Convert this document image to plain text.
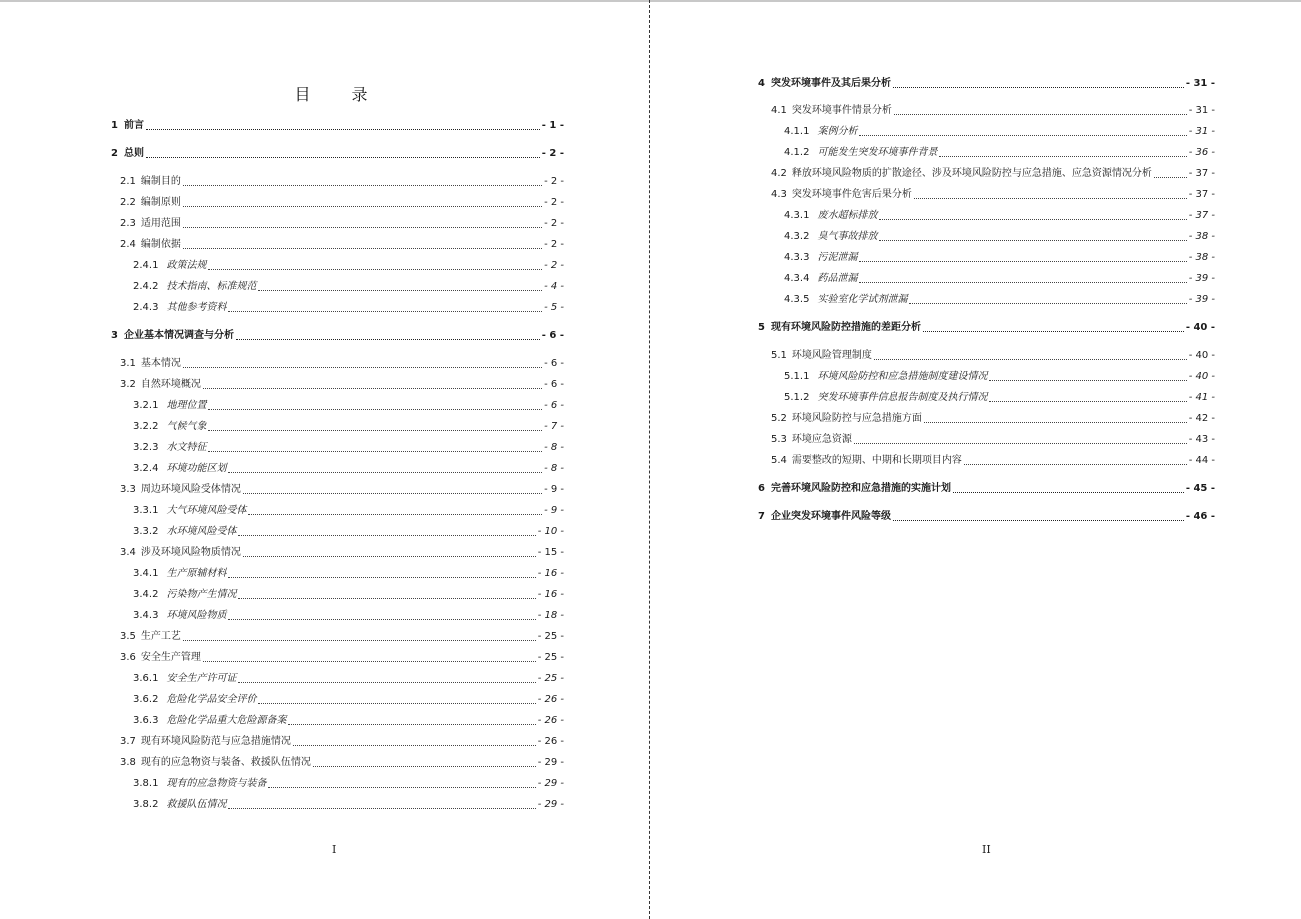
目 录
1 前言	- 1 -
2 总则	- 2 -
2.1 编制目的	- 2 -
2.2 编制原则	- 2 -
2.3 适用范围	- 2 -
2.4 编制依据	- 2 -
2.4.1 政策法规	- 2 -
2.4.2 技术指南、标准规范	- 4 -
2.4.3 其他参考资料	- 5 -
3 企业基本情况调查与分析	- 6 -
3.1 基本情况	- 6 -
3.2 自然环境概况	- 6 -
3.2.1 地理位置	- 6 -
3.2.2 气候气象	- 7 -
3.2.3 水文特征	- 8 -
3.2.4 环境功能区划	- 8 -
3.3 周边环境风险受体情况	- 9 -
3.3.1 大气环境风险受体	- 9 -
3.3.2 水环境风险受体	- 10 -
3.4 涉及环境风险物质情况	- 15 -
3.4.1 生产原辅材料	- 16 -
3.4.2 污染物产生情况	- 16 -
3.4.3 环境风险物质	- 18 -
3.5 生产工艺	- 25 -
3.6 安全生产管理	- 25 -
3.6.1 安全生产许可证	- 25 -
3.6.2 危险化学品安全评价	- 26 -
3.6.3 危险化学品重大危险源备案	- 26 -
3.7 现有环境风险防范与应急措施情况	- 26 -
3.8 现有的应急物资与装备、救援队伍情况	- 29 -
3.8.1 现有的应急物资与装备	- 29 -
3.8.2 救援队伍情况	- 29 -
I
4 突发环境事件及其后果分析	- 31 -
4.1 突发环境事件情景分析	- 31 -
4.1.1 案例分析	- 31 -
4.1.2 可能发生突发环境事件背景	- 36 -
4.2 释放环境风险物质的扩散途径、涉及环境风险防控与应急措施、应急资源情况分析	- 37 -
4.3 突发环境事件危害后果分析	- 37 -
4.3.1 废水超标排放	- 37 -
4.3.2 臭气事故排放	- 38 -
4.3.3 污泥泄漏	- 38 -
4.3.4 药品泄漏	- 39 -
4.3.5 实验室化学试剂泄漏	- 39 -
5 现有环境风险防控措施的差距分析	- 40 -
5.1 环境风险管理制度	- 40 -
5.1.1 环境风险防控和应急措施制度建设情况	- 40 -
5.1.2 突发环境事件信息报告制度及执行情况	- 41 -
5.2 环境风险防控与应急措施方面	- 42 -
5.3 环境应急资源	- 43 -
5.4 需要整改的短期、中期和长期项目内容	- 44 -
6 完善环境风险防控和应急措施的实施计划	- 45 -
7 企业突发环境事件风险等级	- 46 -
II
